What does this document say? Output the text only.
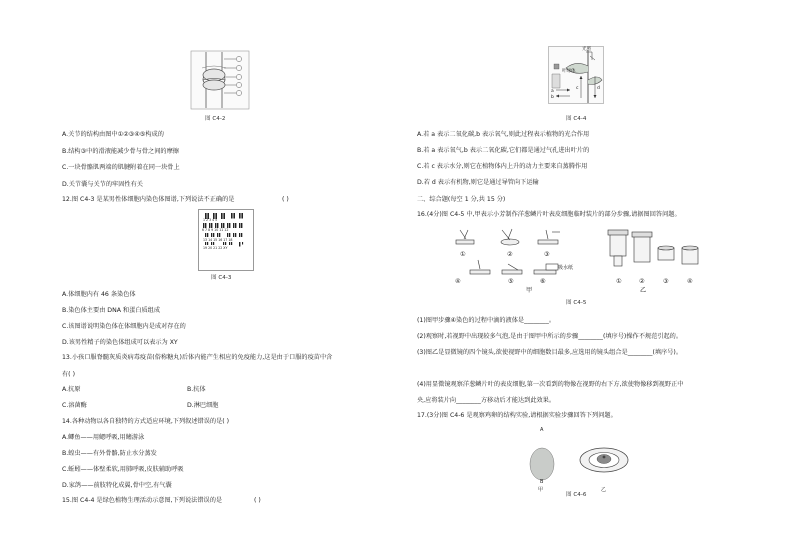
图 C4-2
A.关节的结构由图中①②③④⑤构成的
B.结构③中的滑液能减少骨与骨之间的摩擦
C.一块骨骼肌两端的肌腱附着在同一块骨上
D.关节囊与关节的牢固性有关
12.图 C4-3 是某男性体细胞内染色体图谱,下列说法不正确的是	( )
1 2 3 4 5
6 7 8 9 10 11 12
13 14 15 16 17 18
19 20 21 22 XY
图 C4-3
A.体细胞内有 46 条染色体
B.染色体主要由 DNA 和蛋白质组成
C.该图谱说明染色体在体细胞内是成对存在的
D.该男性精子的染色体组成可以表示为 XY
13.小孩口服脊髓灰质炎病毒疫苗(俗称糖丸)后体内能产生相应的免疫能力,这是由于口服的疫苗中含
有( )
A.抗原	B.抗体
C.溶菌酶	D.淋巴细胞
14.各种动物以各自独特的方式适应环境,下列叙述错误的是( )
A.鲫鱼——用鳃呼吸,用鳍游泳
B.蝗虫——有外骨骼,防止水分蒸发
C.蚯蚓——体壁柔软,用肺呼吸,皮肤辅助呼吸
D.家鸽——前肢特化成翼,骨中空,有气囊
15.图 C4-4 是绿色植物生理活动示意图,下列说法错误的是	( )
光照
叶绿体
a
b
c	d
图 C4-4
A.若 a 表示二氧化碳,b 表示氧气,则此过程表示植物的光合作用
B.若 a 表示氧气,b 表示二氧化碳,它们都是通过气孔进出叶片的
C.若 c 表示水分,则它在植物体内上升的动力主要来自蒸腾作用
D.若 d 表示有机物,则它是通过导管向下运输
二、综合题(每空 1 分,共 15 分)
16.(4分)图 C4-5 中,甲表示小芳制作洋葱鳞片叶表皮细胞临时装片的部分步骤,请据图回答问题。
①	②	③
④	⑤	⑥
吸水纸
甲	乙
①	②	③	④
图 C4-5
(1)图甲步骤④染色的过程中滴的液体是________。
(2)观察时,若视野中出现较多气泡,是由于图甲中所示的步骤________(填序号)操作不规范引起的。
(3)图乙是显微镜的四个镜头,欲使视野中的细胞数目最多,应选用的镜头组合是________(填序号)。
(4)用显微镜观察洋葱鳞片叶的表皮细胞,第一次看到的物像在视野的右下方,欲使物像移到视野正中
央,应将装片向________方移动后才能达到此效果。
17.(3分)图 C4-6 是观察鸡卵的结构实验,请根据实验步骤回答下列问题。
A
B
甲	乙
图 C4-6
